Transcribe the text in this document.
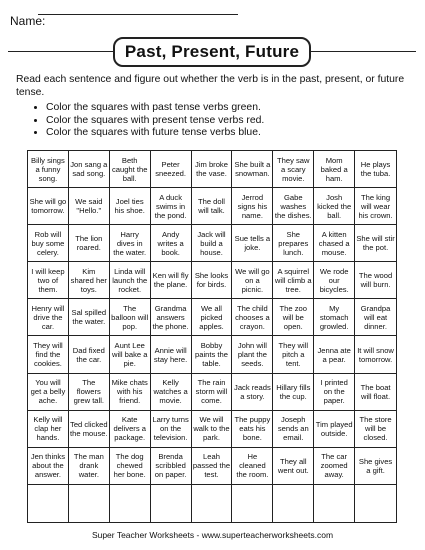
Name:
Past, Present, Future
Read each sentence and figure out whether the verb is in the past, present, or future tense.
• Color the squares with past tense verbs green.
• Color the squares with present tense verbs red.
• Color the squares with future tense verbs blue.
Billy sings a funny song.
Jon sang a sad song.
Beth caught the ball.
Peter sneezed.
Jim broke the vase.
She built a snowman.
They saw a scary movie.
Mom baked a ham.
He plays the tuba.
She will go tomorrow.
We said "Hello."
Joel ties his shoe.
A duck swims in the pond.
The doll will talk.
Jerrod signs his name.
Gabe washes the dishes.
Josh kicked the ball.
The king will wear his crown.
Rob will buy some celery.
The lion roared.
Harry dives in the water.
Andy writes a book.
Jack will build a house.
Sue tells a joke.
She prepares lunch.
A kitten chased a mouse.
She will stir the pot.
I will keep two of them.
Kim shared her toys.
Linda will launch the rocket.
Ken will fly the plane.
She looks for birds.
We will go on a picnic.
A squirrel will climb a tree.
We rode our bicycles.
The wood will burn.
Henry will drive the car.
Sal spilled the water.
The balloon will pop.
Grandma answers the phone.
We all picked apples.
The child chooses a crayon.
The zoo will be open.
My stomach growled.
Grandpa will eat dinner.
They will find the cookies.
Dad fixed the car.
Aunt Lee will bake a pie.
Annie will stay here.
Bobby paints the table.
John will plant the seeds.
They will pitch a tent.
Jenna ate a pear.
It will snow tomorrow.
You will get a belly ache.
The flowers grew tall.
Mike chats with his friend.
Kelly watches a movie.
The rain storm will come.
Jack reads a story.
Hillary fills the cup.
I printed on the paper.
The boat will float.
Kelly will clap her hands.
Ted clicked the mouse.
Kate delivers a package.
Larry turns on the television.
We will walk to the park.
The puppy eats his bone.
Joseph sends an email.
Tim played outside.
The store will be closed.
Jen thinks about the answer.
The man drank water.
The dog chewed her bone.
Brenda scribbled on paper.
Leah passed the test.
He cleaned the room.
They all went out.
The car zoomed away.
She gives a gift.
Super Teacher Worksheets - www.superteacherworksheets.com
